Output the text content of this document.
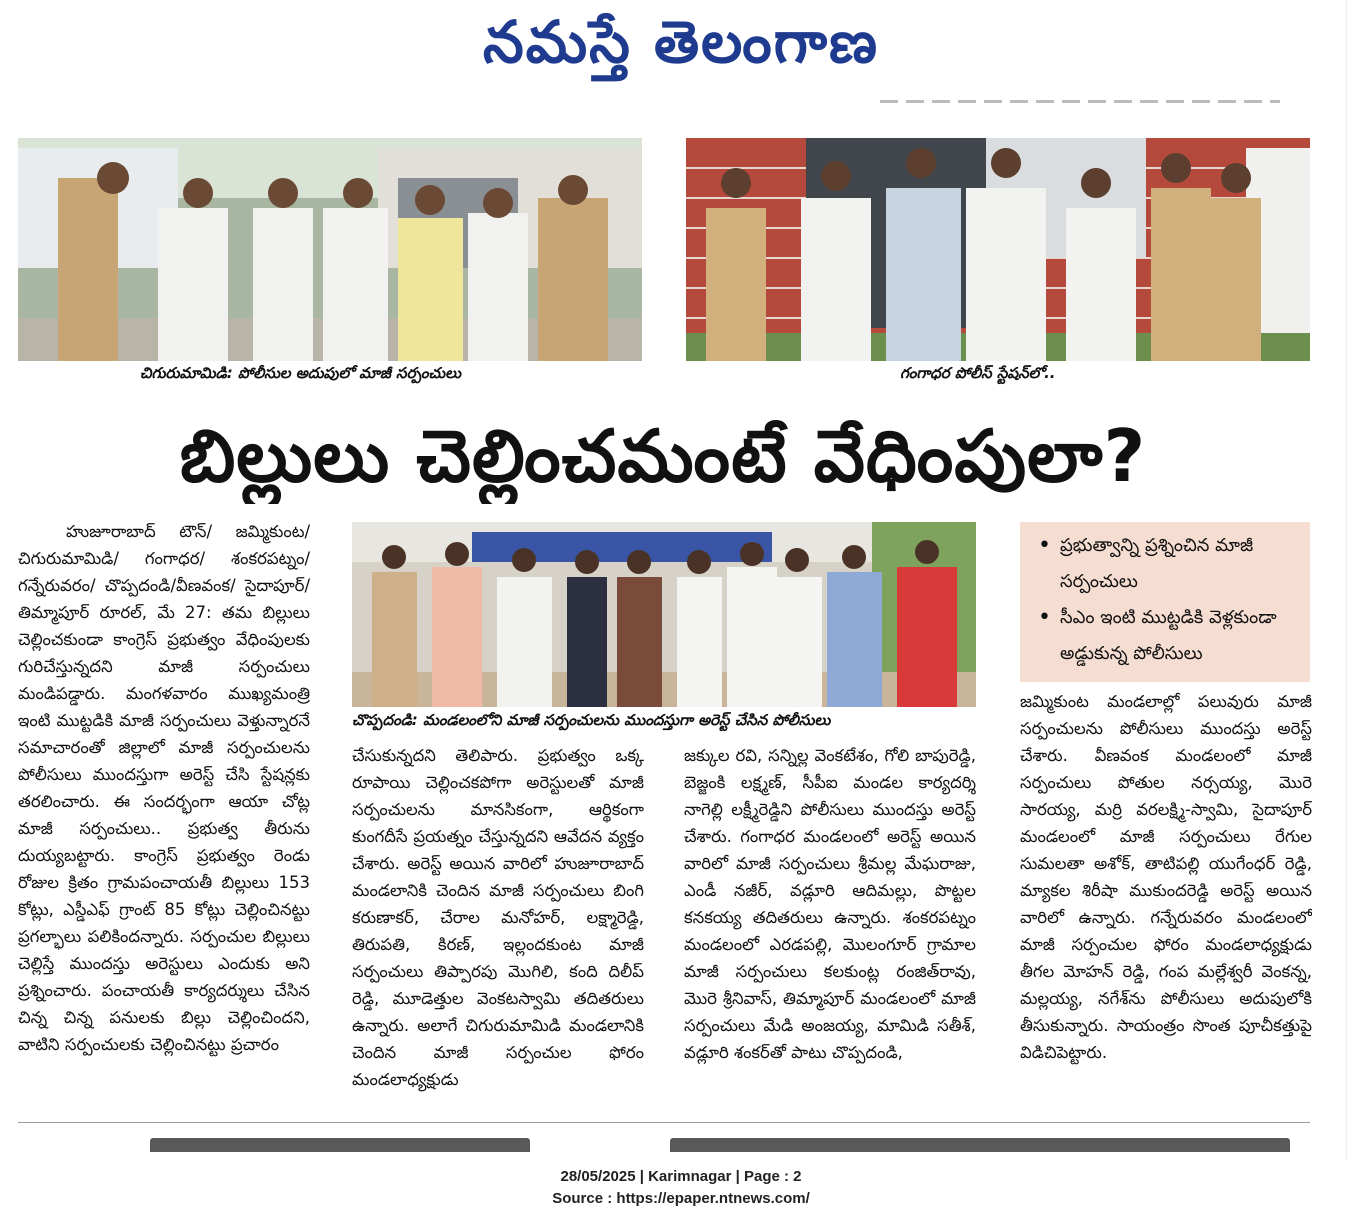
నమస్తే తెలంగాణ
చిగురుమామిడి: పోలీసుల అదుపులో మాజీ సర్పంచులు	గంగాధర పోలీస్ స్టేషన్‌లో..
బిల్లులు చెల్లించమంటే వేధింపులా?
చొప్పదండి: మండలంలోని మాజీ సర్పంచులను ముందస్తుగా అరెస్ట్ చేసిన పోలీసులు
• ప్రభుత్వాన్ని ప్రశ్నించిన మాజీ సర్పంచులు
• సీఎం ఇంటి ముట్టడికి వెళ్లకుండా అడ్డుకున్న పోలీసులు
హుజూరాబాద్ టౌన్/ జమ్మికుంట/ చిగురుమామిడి/ గంగాధర/ శంకరపట్నం/ గన్నేరువరం/ చొప్పదండి/వీణవంక/ సైదాపూర్/ తిమ్మాపూర్ రూరల్, మే 27: తమ బిల్లులు చెల్లించకుండా కాంగ్రెస్ ప్రభుత్వం వేధింపులకు గురిచేస్తున్నదని మాజీ సర్పంచులు మండిపడ్డారు. మంగళవారం ముఖ్యమంత్రి ఇంటి ముట్టడికి మాజీ సర్పంచులు వెళ్తున్నారనే సమాచారంతో జిల్లాలో మాజీ సర్పంచులను పోలీసులు ముందస్తుగా అరెస్ట్ చేసి స్టేషన్లకు తరలించారు. ఈ సందర్భంగా ఆయా చోట్ల మాజీ సర్పంచులు.. ప్రభుత్వ తీరును దుయ్యబట్టారు. కాంగ్రెస్ ప్రభుత్వం రెండు రోజుల క్రితం గ్రామపంచాయతీ బిల్లులు 153 కోట్లు, ఎస్డీఎఫ్ గ్రాంట్ 85 కోట్లు చెల్లించినట్టు ప్రగల్భాలు పలికిందన్నారు. సర్పంచుల బిల్లులు చెల్లిస్తే ముందస్తు అరెస్టులు ఎందుకు అని ప్రశ్నించారు. పంచాయతీ కార్యదర్శులు చేసిన చిన్న చిన్న పనులకు బిల్లు చెల్లించిందని, వాటిని సర్పంచులకు చెల్లించినట్టు ప్రచారం
చేసుకున్నదని తెలిపారు. ప్రభుత్వం ఒక్క రూపాయి చెల్లించకపోగా అరెస్టులతో మాజీ సర్పంచులను మానసికంగా, ఆర్థికంగా కుంగదీసే ప్రయత్నం చేస్తున్నదని ఆవేదన వ్యక్తం చేశారు. అరెస్ట్ అయిన వారిలో హుజూరాబాద్ మండలానికి చెందిన మాజీ సర్పంచులు బింగి కరుణాకర్, చేరాల మనోహర్, లక్ష్మారెడ్డి, తిరుపతి, కిరణ్, ఇల్లందకుంట మాజీ సర్పంచులు తిప్పారపు మొగిలి, కంది దిలీప్ రెడ్డి, మూడెత్తుల వెంకటస్వామి తదితరులు ఉన్నారు. అలాగే చిగురుమామిడి మండలానికి చెందిన మాజీ సర్పంచుల ఫోరం మండలాధ్యక్షుడు
జక్కుల రవి, సన్నిల్ల వెంకటేశం, గోలి బాపురెడ్డి, బెజ్జంకి లక్ష్మణ్, సీపీఐ మండల కార్యదర్శి నాగెల్లి లక్ష్మీరెడ్డిని పోలీసులు ముందస్తు అరెస్ట్ చేశారు. గంగాధర మండలంలో అరెస్ట్ అయిన వారిలో మాజీ సర్పంచులు శ్రీమల్ల మేఘరాజు, ఎండీ నజీర్, వడ్లూరి ఆదిమల్లు, పొట్టల కనకయ్య తదితరులు ఉన్నారు. శంకరపట్నం మండలంలో ఎరడపల్లి, మొలంగూర్ గ్రామాల మాజీ సర్పంచులు కలకుంట్ల రంజిత్‌రావు, మొరె శ్రీనివాస్, తిమ్మాపూర్ మండలంలో మాజీ సర్పంచులు మేడి అంజయ్య, మామిడి సతీశ్, వడ్లూరి శంకర్‌తో పాటు చొప్పదండి,
జమ్మికుంట మండలాల్లో పలువురు మాజీ సర్పంచులను పోలీసులు ముందస్తు అరెస్ట్ చేశారు. వీణవంక మండలంలో మాజీ సర్పంచులు పోతుల నర్సయ్య, మొరె సారయ్య, మర్రి వరలక్ష్మి-స్వామి, సైదాపూర్ మండలంలో మాజీ సర్పంచులు రేగుల సుమలతా అశోక్, తాటిపల్లి యుగేంధర్ రెడ్డి, మ్యాకల శిరీషా ముకుందరెడ్డి అరెస్ట్ అయిన వారిలో ఉన్నారు. గన్నేరువరం మండలంలో మాజీ సర్పంచుల ఫోరం మండలాధ్యక్షుడు తీగల మోహన్ రెడ్డి, గంప మల్లేశ్వరీ వెంకన్న, మల్లయ్య, నగేశ్‌ను పోలీసులు అదుపులోకి తీసుకున్నారు. సాయంత్రం సొంత పూచీకత్తుపై విడిచిపెట్టారు.
28/05/2025 | Karimnagar | Page : 2
Source : https://epaper.ntnews.com/
